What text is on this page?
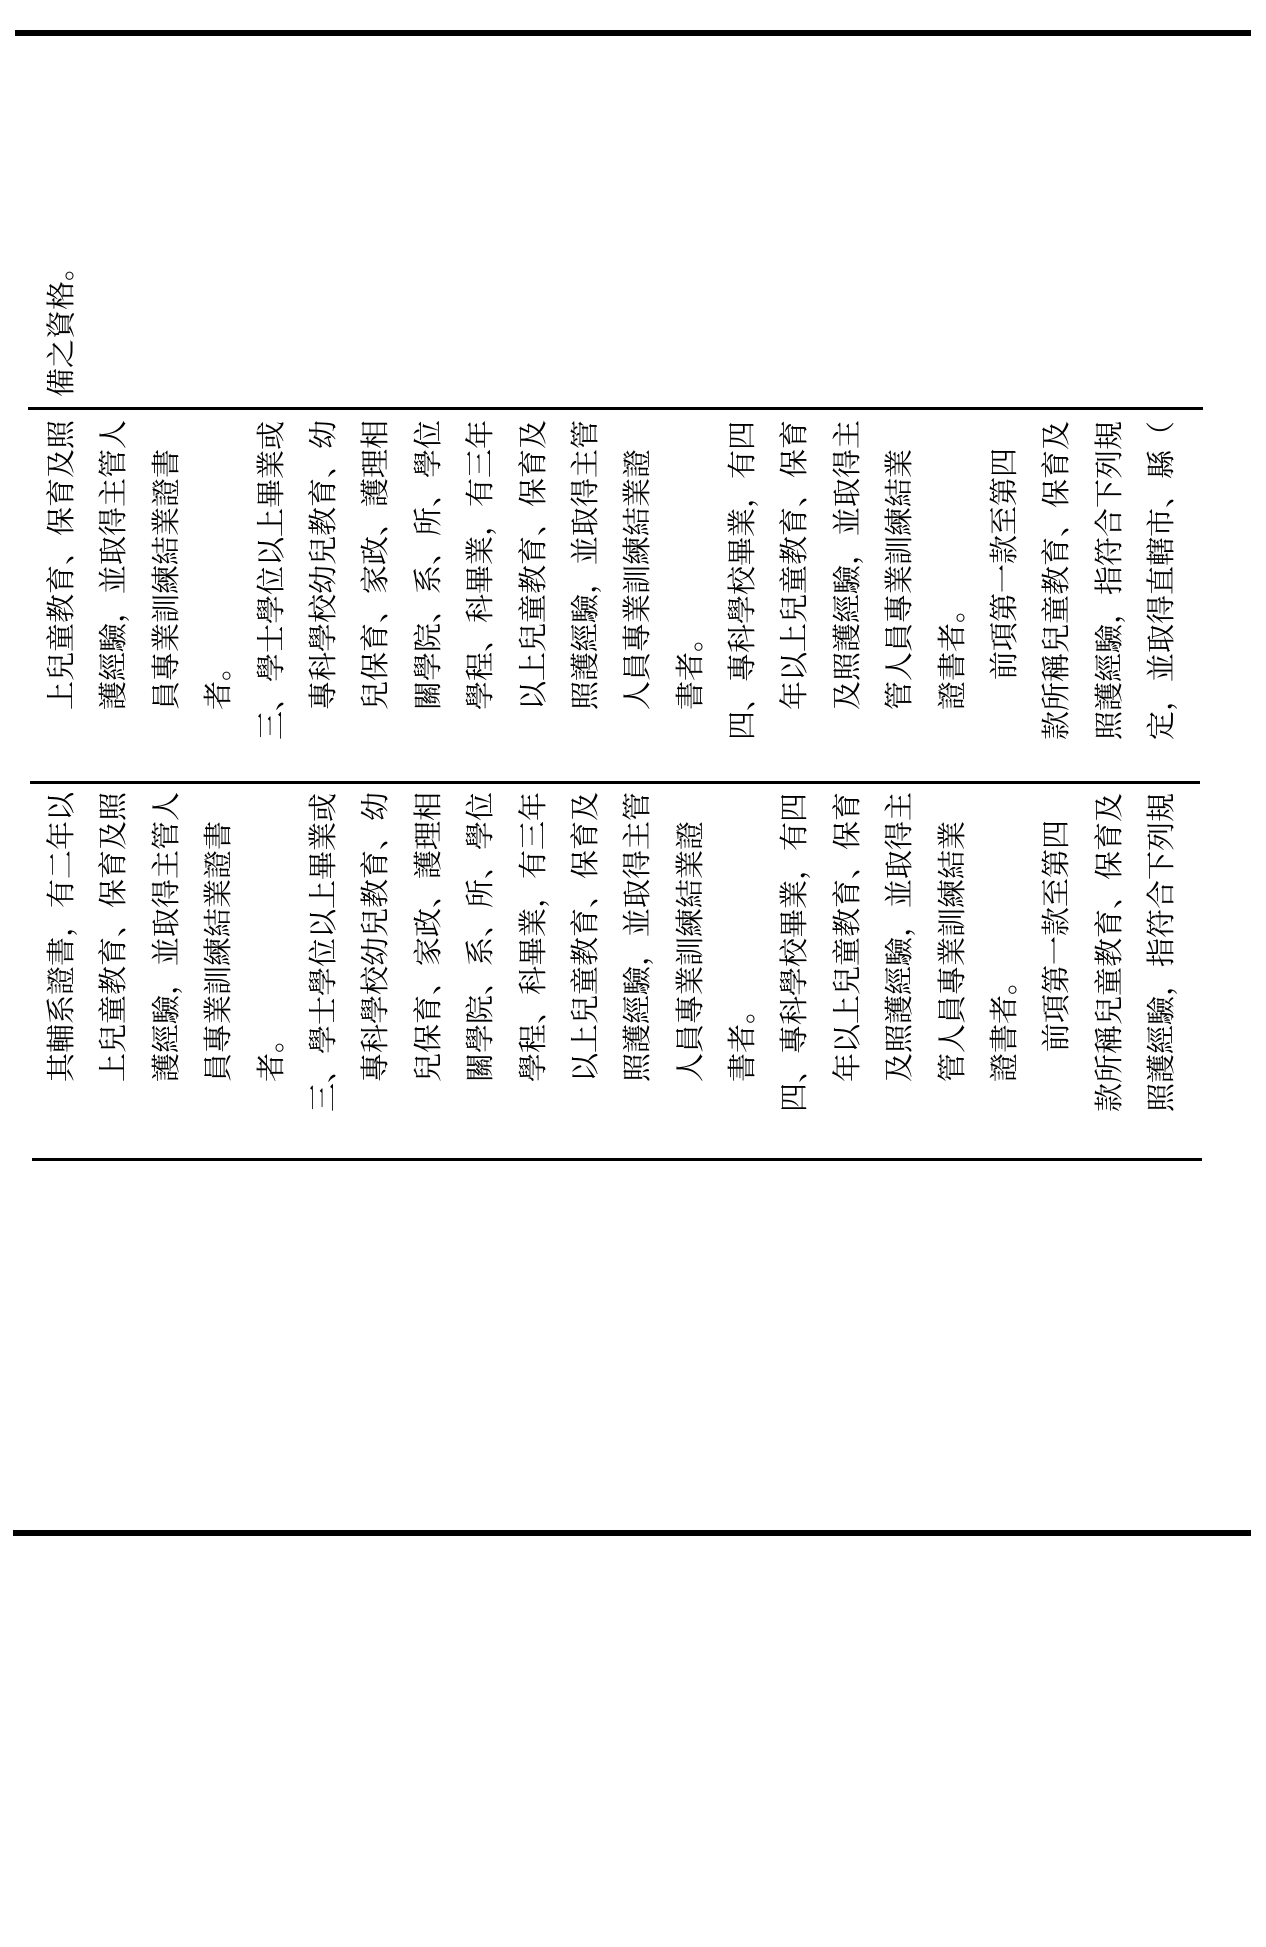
備之資格。
上兒童教育、保育及照 護經驗，並取得主管人 員專業訓練結業證書 者。 三、學士學位以上畢業或 專科學校幼兒教育、幼 兒保育、家政、護理相 關學院、系、所、學位 學程、科畢業，有三年 以上兒童教育、保育及 照護經驗，並取得主管 人員專業訓練結業證 書者。 四、專科學校畢業，有四 年以上兒童教育、保育 及照護經驗，並取得主 管人員專業訓練結業 證書者。 前項第一款至第四 款所稱兒童教育、保育及 照護經驗，指符合下列規 定，並取得直轄市、縣（
其輔系證書，有二年以 上兒童教育、保育及照 護經驗，並取得主管人 員專業訓練結業證書 者。 三、學士學位以上畢業或 專科學校幼兒教育、幼 兒保育、家政、護理相 關學院、系、所、學位 學程、科畢業，有三年 以上兒童教育、保育及 照護經驗，並取得主管 人員專業訓練結業證 書者。 四、專科學校畢業，有四 年以上兒童教育、保育 及照護經驗，並取得主 管人員專業訓練結業 證書者。 前項第一款至第四 款所稱兒童教育、保育及 照護經驗，指符合下列規
